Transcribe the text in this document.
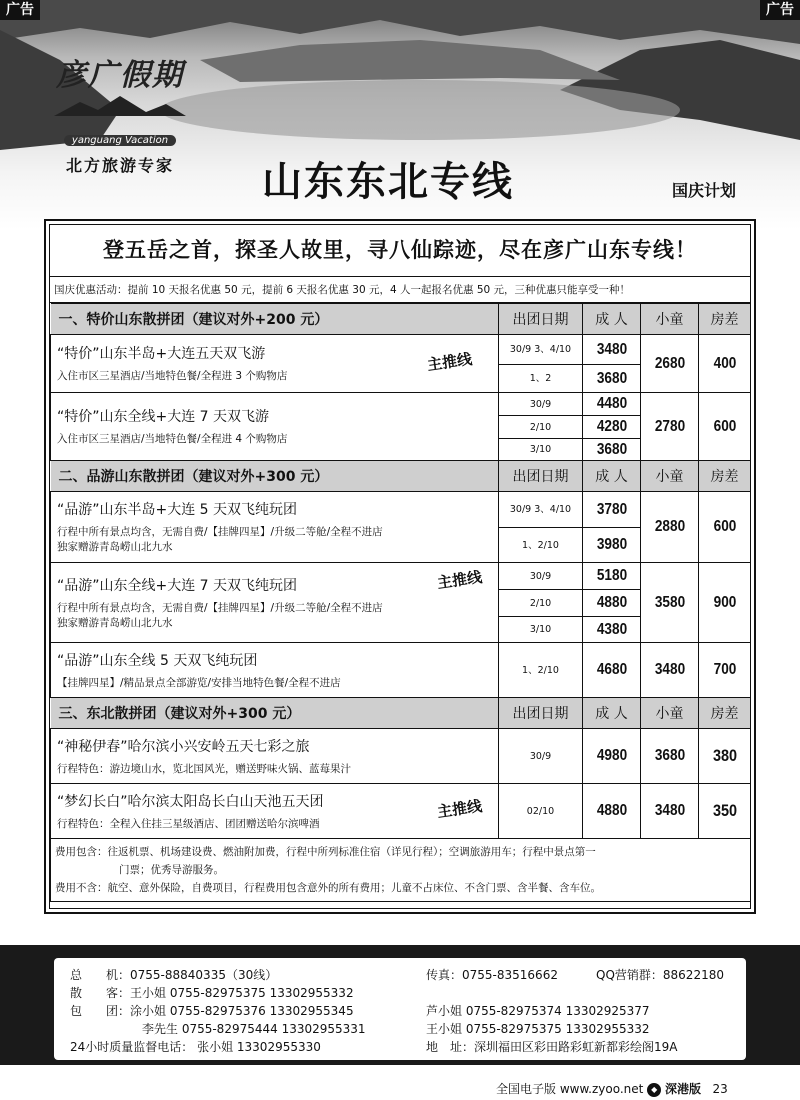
广告	广告
彦广假期
yanguang Vacation
北方旅游专家	山东东北专线	国庆计划
登五岳之首，探圣人故里，寻八仙踪迹，尽在彦广山东专线！
国庆优惠活动：提前 10 天报名优惠 50 元，提前 6 天报名优惠 30 元，4 人一起报名优惠 50 元，三种优惠只能享受一种！
一、特价山东散拼团（建议对外+200 元）	出团日期	成 人	小童	房差

“特价”山东半岛+大连五天双飞游
入住市区三星酒店/当地特色餐/全程进 3 个购物店
主推线	30/9 3、4/10	3480	2680	400
	1、2	3680		

“特价”山东全线+大连 7 天双飞游
入住市区三星酒店/当地特色餐/全程进 4 个购物店	30/9	4480	2780	600
	2/10	4280		
	3/10	3680		
二、品游山东散拼团（建议对外+300 元）	出团日期	成 人	小童	房差

“品游”山东半岛+大连 5 天双飞纯玩团
行程中所有景点均含，无需自费/【挂牌四星】/升级二等舱/全程不进店
独家赠游青岛崂山北九水	30/9 3、4/10	3780	2880	600
	1、2/10	3980		

“品游”山东全线+大连 7 天双飞纯玩团
行程中所有景点均含，无需自费/【挂牌四星】/升级二等舱/全程不进店
独家赠游青岛崂山北九水
主推线	30/9	5180	3580	900
	2/10	4880		
	3/10	4380		

“品游”山东全线 5 天双飞纯玩团
【挂牌四星】/精品景点全部游览/安排当地特色餐/全程不进店	1、2/10	4680	3480	700
三、东北散拼团（建议对外+300 元）	出团日期	成 人	小童	房差

“神秘伊春”哈尔滨小兴安岭五天七彩之旅
行程特色：游边境山水，览北国风光，赠送野味火锅、蓝莓果汁	30/9	4980	3680	380

“梦幻长白”哈尔滨太阳岛长白山天池五天团
行程特色：全程入住挂三星级酒店、团团赠送哈尔滨啤酒
主推线	02/10	4880	3480	350

费用包含：往返机票、机场建设费、燃油附加费，行程中所列标准住宿（详见行程）；空调旅游用车；行程中景点第一
门票；优秀导游服务。
费用不含：航空、意外保险，自费项目，行程费用包含意外的所有费用；儿童不占床位、不含门票、含半餐、含车位。				
总　　机：0755-88840335（30线）
散　　客：王小姐 0755-82975375 13302955332
包　　团：涂小姐 0755-82975376 13302955345
李先生 0755-82975444 13302955331
24小时质量监督电话： 张小姐 13302955330
传真：0755-83516662	QQ营销群：88622180
芦小姐 0755-82975374 13302925377
王小姐 0755-82975375 13302955332
地　址：深圳福田区彩田路彩虹新都彩绘阁19A
全国电子版 www.zyoo.net ◆ 深港版 23
